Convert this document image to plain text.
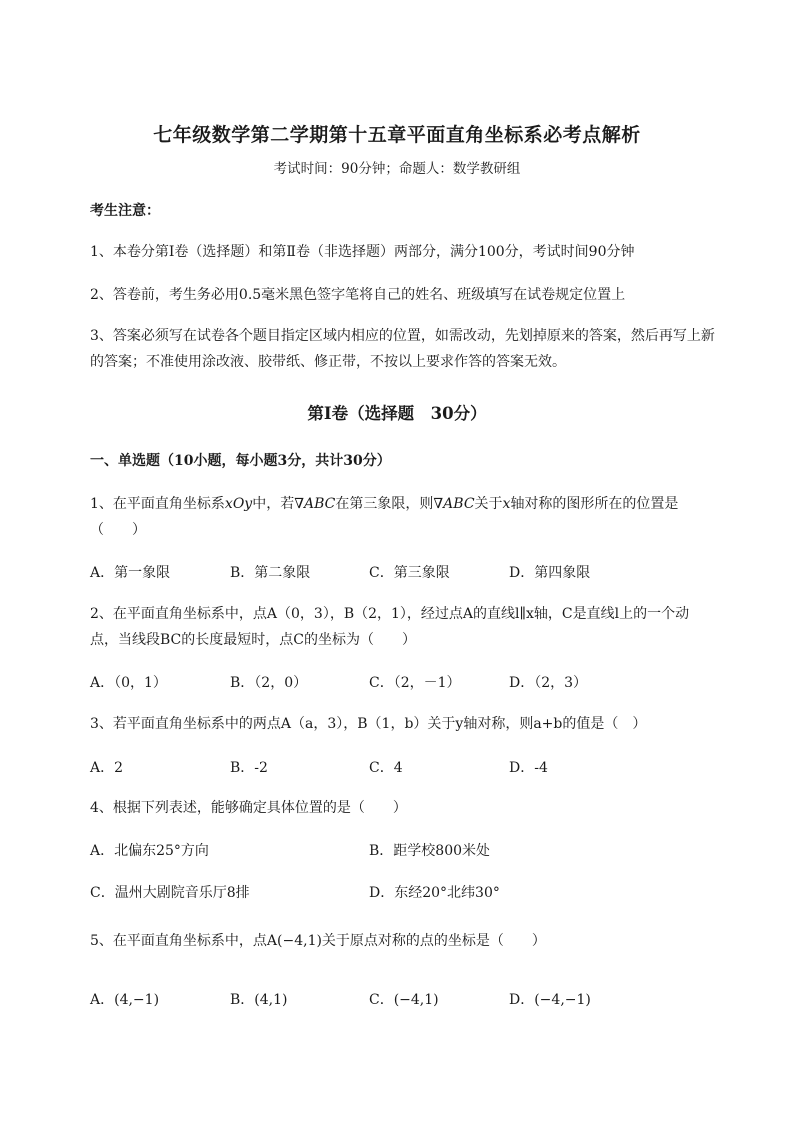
七年级数学第二学期第十五章平面直角坐标系必考点解析
考试时间：90分钟；命题人：数学教研组
考生注意：
1、本卷分第Ⅰ卷（选择题）和第Ⅱ卷（非选择题）两部分，满分100分，考试时间90分钟
2、答卷前，考生务必用0.5毫米黑色签字笔将自己的姓名、班级填写在试卷规定位置上
3、答案必须写在试卷各个题目指定区域内相应的位置，如需改动，先划掉原来的答案，然后再写上新
的答案；不准使用涂改液、胶带纸、修正带，不按以上要求作答的答案无效。
第Ⅰ卷（选择题　30分）
一、单选题（10小题，每小题3分，共计30分）
1、在平面直角坐标系xOy中，若∇ABC在第三象限，则∇ABC关于x轴对称的图形所在的位置是
（　　）
A．第一象限	B．第二象限	C．第三象限	D．第四象限
2、在平面直角坐标系中，点A（0，3），B（2，1），经过点A的直线l∥x轴，C是直线l上的一个动
点，当线段BC的长度最短时，点C的坐标为（　　）
A．（0，1）	B．（2，0）	C．（2，－1）	D．（2，3）
3、若平面直角坐标系中的两点A（a，3），B（1，b）关于y轴对称，则a+b的值是（　）
A．2	B．-2	C．4	D．-4
4、根据下列表述，能够确定具体位置的是（　　）
A．北偏东25°方向	B．距学校800米处
C．温州大剧院音乐厅8排	D．东经20°北纬30°
5、在平面直角坐标系中，点A(−4,1)关于原点对称的点的坐标是（　　）
A．(4,−1)	B．(4,1)	C．(−4,1)	D．(−4,−1)
